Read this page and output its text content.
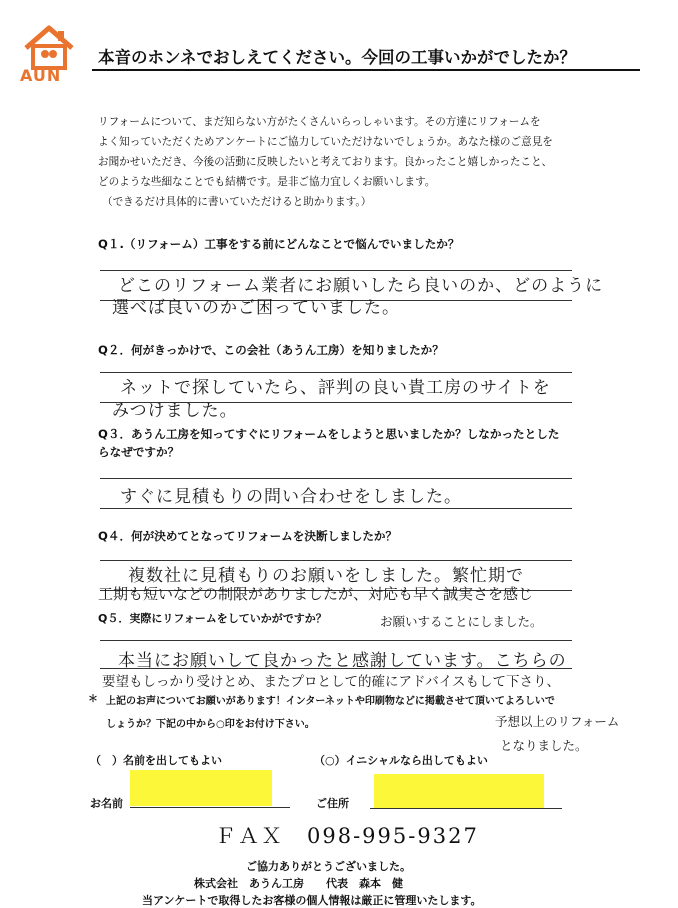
AUN
本音のホンネでおしえてください。今回の工事いかがでしたか？

リフォームについて、まだ知らない方がたくさんいらっしゃいます。その方達にリフォームを

よく知っていただくためアンケートにご協力していただけないでしょうか。あなた様のご意見を

お聞かせいただき、今後の活動に反映したいと考えております。良かったこと嬉しかったこと、

どのような些細なことでも結構です。是非ご協力宜しくお願いします。

（できるだけ具体的に書いていただけると助かります。）

Q１.（リフォーム）工事をする前にどんなことで悩んでいましたか？
どこのリフォーム業者にお願いしたら良いのか、どのように
選べば良いのかご困っていました。
Q２．何がきっかけで、この会社（あうん工房）を知りましたか？
ネットで探していたら、評判の良い貴工房のサイトを
みつけました。
Q３．あうん工房を知ってすぐにリフォームをしようと思いましたか？しなかったとした
らなぜですか？
すぐに見積もりの問い合わせをしました。
Q４．何が決めてとなってリフォームを決断しましたか？
複数社に見積もりのお願いをしました。繁忙期で
工期も短いなどの制限がありましたが、対応も早く誠実さを感じ
Q５．実際にリフォームをしていかがですか？	お願いすることにしました。
本当にお願いして良かったと感謝しています。こちらの
要望もしっかり受けとめ、またプロとして的確にアドバイスもして下さり、
＊ 上記のお声についてお願いがあります！インターネットや印刷物などに掲載させて頂いてよろしいで
しょうか？下記の中から○印をお付け下さい。	予想以上のリフォーム
となりました。
（　）名前を出してもよい	（○）イニシャルなら出してもよい
お名前	ご住所
ＦＡＸ　098-995-9327
ご協力ありがとうございました。
株式会社　あうん工房　　代表　森本　健
当アンケートで取得したお客様の個人情報は厳正に管理いたします。
